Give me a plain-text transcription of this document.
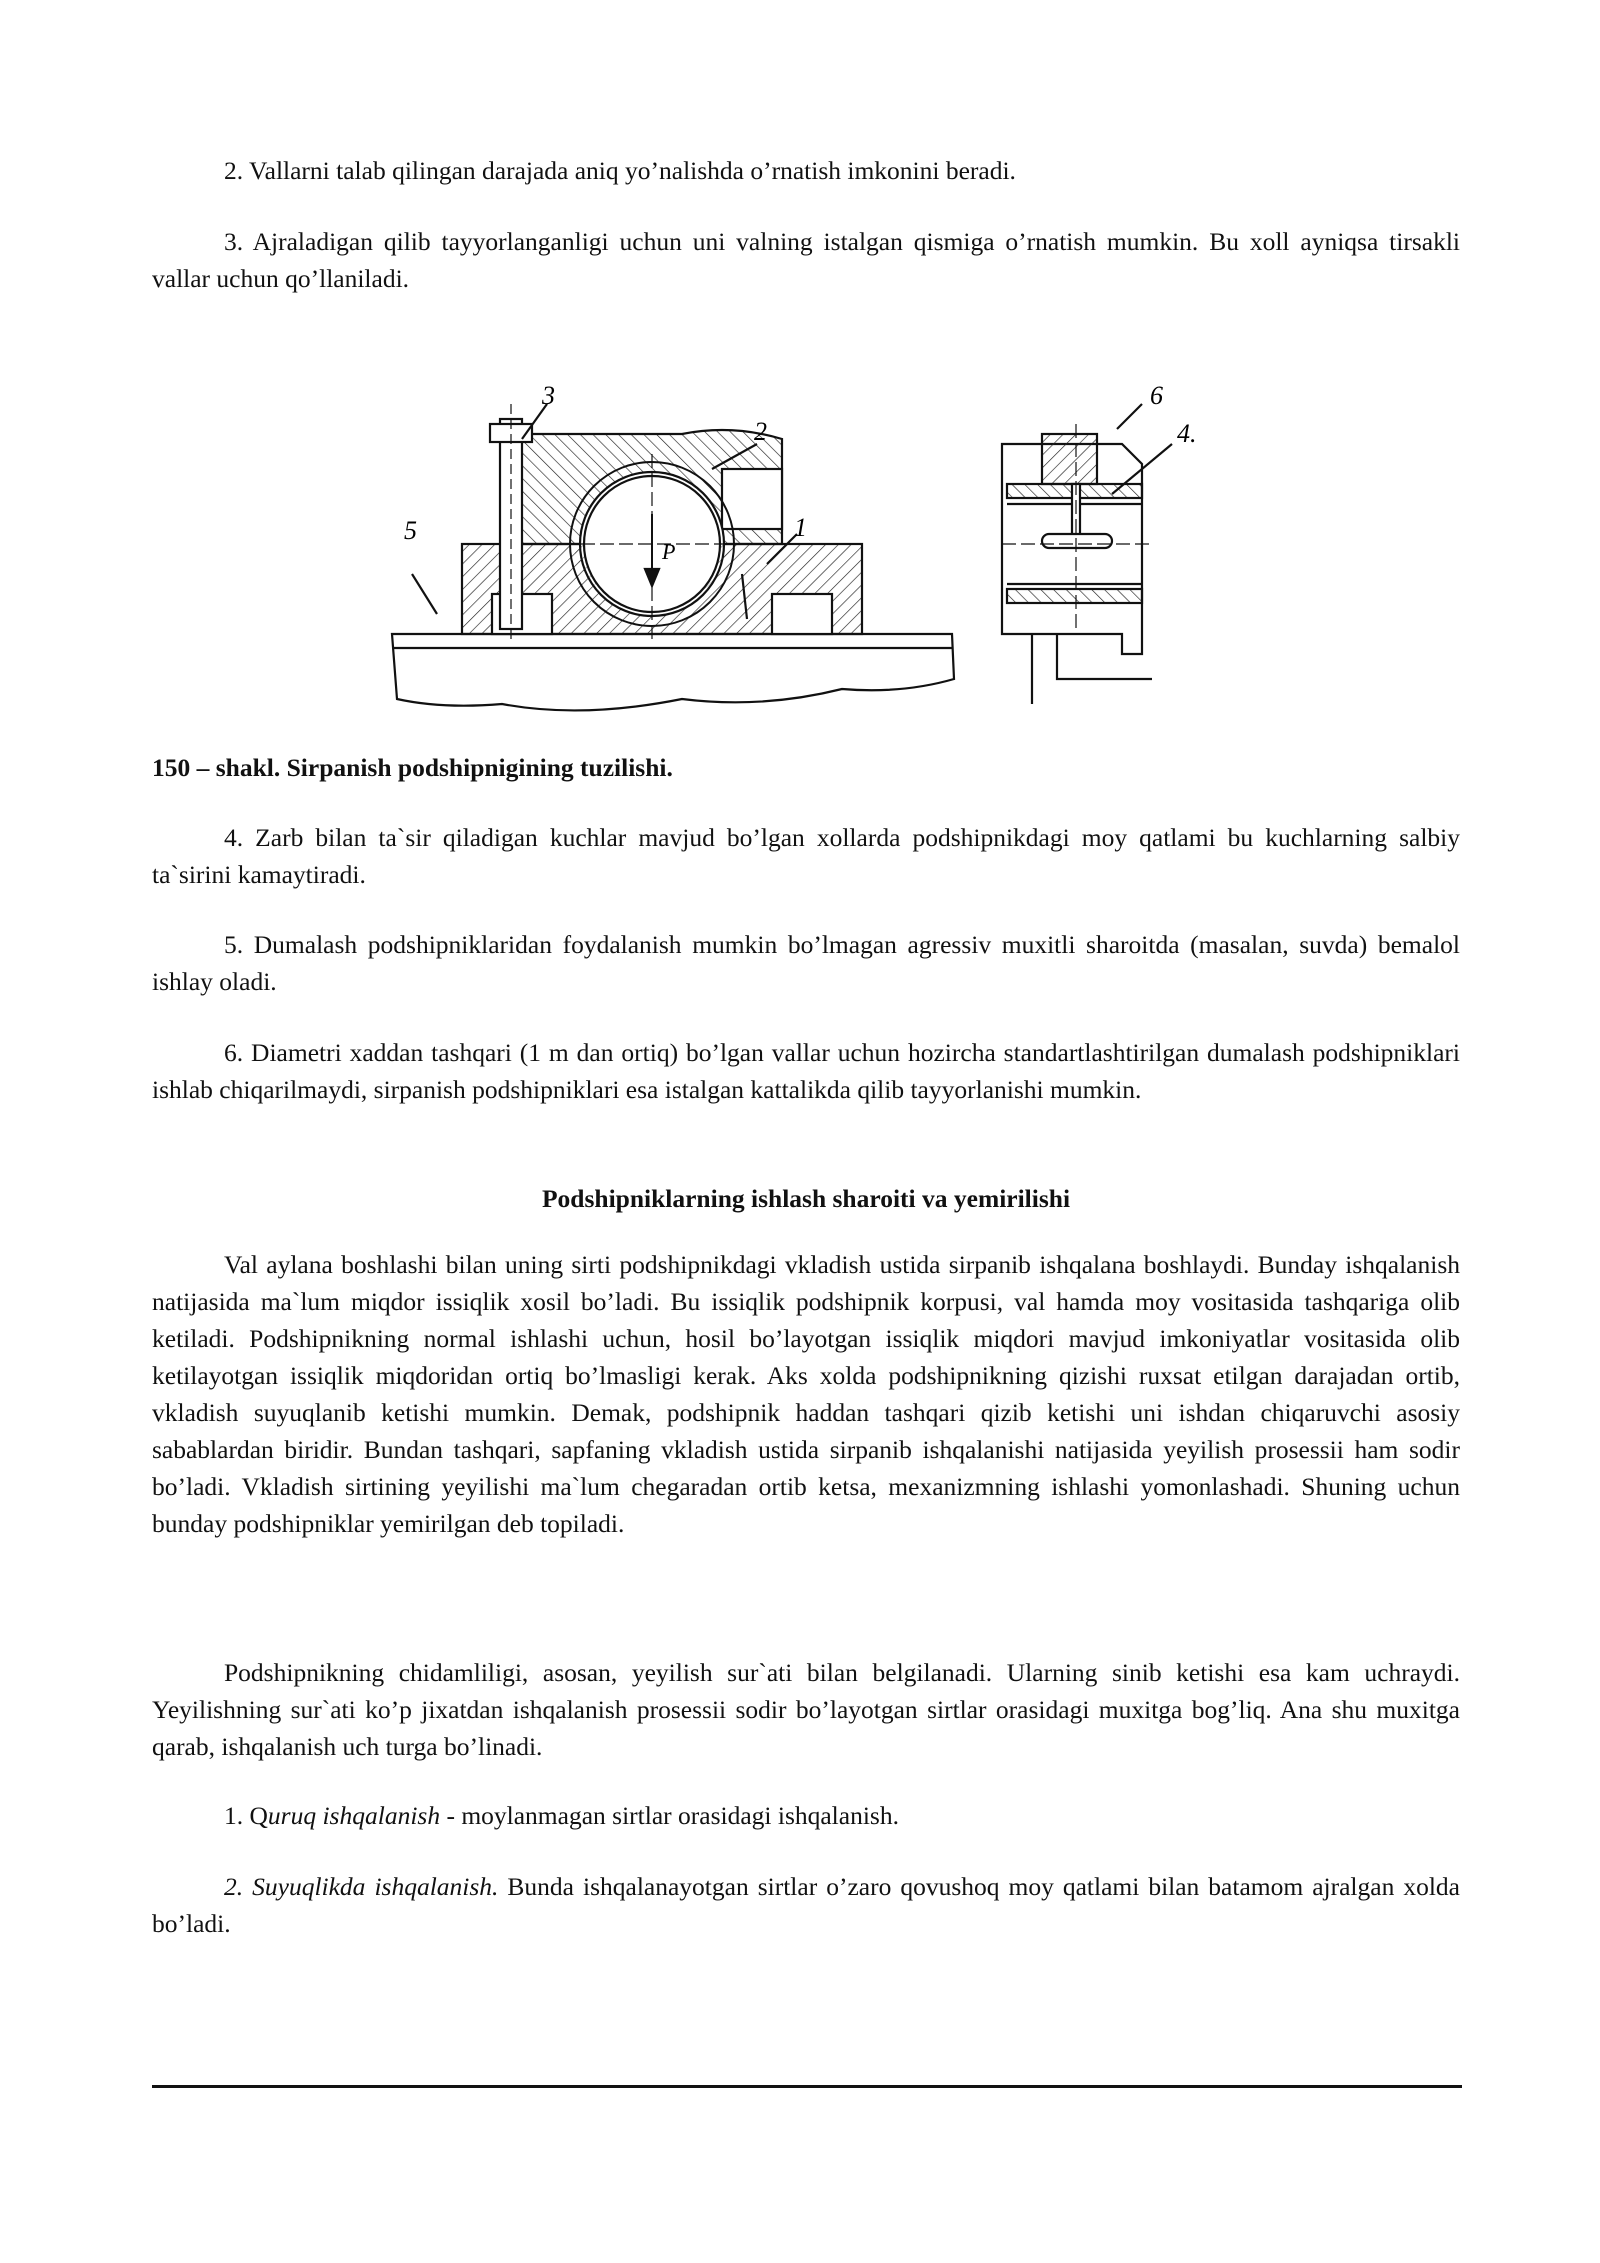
2. Vallarni talab qilingan darajada aniq yo’nalishda o’rnatish imkonini beradi.

3. Ajraladigan qilib tayyorlanganligi uchun uni valning istalgan qismiga o’rnatish mumkin. Bu xoll ayniqsa tirsakli vallar uchun qo’llaniladi.

3
2
1
5
P
6
4.

150 – shakl. Sirpanish podshipnigining tuzilishi.

4. Zarb bilan ta`sir qiladigan kuchlar mavjud bo’lgan xollarda podshipnikdagi moy qatlami bu kuchlarning salbiy ta`sirini kamaytiradi.

5. Dumalash podshipniklaridan foydalanish mumkin bo’lmagan agressiv muxitli sharoitda (masalan, suvda) bemalol ishlay oladi.

6. Diametri xaddan tashqari (1 m dan ortiq) bo’lgan vallar uchun hozircha standartlashtirilgan dumalash podshipniklari ishlab chiqarilmaydi, sirpanish podshipniklari esa istalgan kattalikda qilib tayyorlanishi mumkin.

Podshipniklarning ishlash sharoiti va yemirilishi

Val aylana boshlashi bilan uning sirti podshipnikdagi vkladish ustida sirpanib ishqalana boshlaydi. Bunday ishqalanish natijasida ma`lum miqdor issiqlik xosil bo’ladi. Bu issiqlik podshipnik korpusi, val hamda moy vositasida tashqariga olib ketiladi. Podshipnikning normal ishlashi uchun, hosil bo’layotgan issiqlik miqdori mavjud imkoniyatlar vositasida olib ketilayotgan issiqlik miqdoridan ortiq bo’lmasligi kerak. Aks xolda podshipnikning qizishi ruxsat etilgan darajadan ortib, vkladish suyuqlanib ketishi mumkin. Demak, podshipnik haddan tashqari qizib ketishi uni ishdan chiqaruvchi asosiy sabablardan biridir. Bundan tashqari, sapfaning vkladish ustida sirpanib ishqalanishi natijasida yeyilish prosessii ham sodir bo’ladi. Vkladish sirtining yeyilishi ma`lum chegaradan ortib ketsa, mexanizmning ishlashi yomonlashadi. Shuning uchun bunday podshipniklar yemirilgan deb topiladi.

Podshipnikning chidamliligi, asosan, yeyilish sur`ati bilan belgilanadi. Ularning sinib ketishi esa kam uchraydi. Yeyilishning sur`ati ko’p jixatdan ishqalanish prosessii sodir bo’layotgan sirtlar orasidagi muxitga bog’liq. Ana shu muxitga qarab, ishqalanish uch turga bo’linadi.

1. Quruq ishqalanish - moylanmagan sirtlar orasidagi ishqalanish.

2. Suyuqlikda ishqalanish. Bunda ishqalanayotgan sirtlar o’zaro qovushoq moy qatlami bilan batamom ajralgan xolda bo’ladi.
